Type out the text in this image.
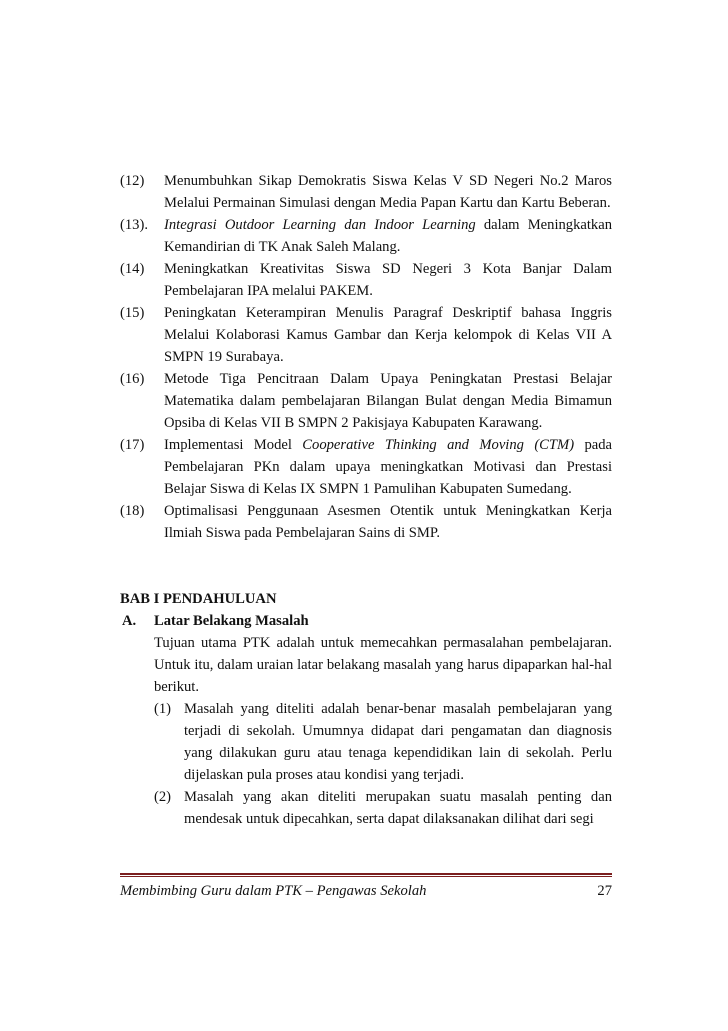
(12)	Menumbuhkan Sikap Demokratis Siswa Kelas V SD Negeri No.2 Maros Melalui Permainan Simulasi dengan Media Papan Kartu dan Kartu Beberan.
(13).	Integrasi Outdoor Learning dan Indoor Learning dalam Meningkatkan Kemandirian di TK Anak Saleh Malang.
(14)	Meningkatkan Kreativitas Siswa SD Negeri 3 Kota Banjar Dalam Pembelajaran IPA melalui PAKEM.
(15)	Peningkatan Keterampiran Menulis Paragraf Deskriptif bahasa Inggris Melalui Kolaborasi Kamus Gambar dan Kerja kelompok di Kelas VII A SMPN 19 Surabaya.
(16)	Metode Tiga Pencitraan Dalam Upaya Peningkatan Prestasi Belajar Matematika dalam pembelajaran Bilangan Bulat dengan Media Bimamun Opsiba di Kelas VII B SMPN 2 Pakisjaya Kabupaten Karawang.
(17)	Implementasi Model Cooperative Thinking and Moving (CTM) pada Pembelajaran PKn dalam upaya meningkatkan Motivasi dan Prestasi Belajar Siswa di Kelas IX SMPN 1 Pamulihan Kabupaten Sumedang.
(18)	Optimalisasi Penggunaan Asesmen Otentik untuk Meningkatkan Kerja Ilmiah Siswa pada Pembelajaran Sains di SMP.
BAB I PENDAHULUAN
A.	Latar Belakang Masalah
Tujuan utama PTK adalah untuk memecahkan permasalahan pembelajaran. Untuk itu, dalam uraian latar belakang masalah yang harus dipaparkan hal-hal berikut.
(1) Masalah yang diteliti adalah benar-benar masalah pembelajaran yang terjadi di sekolah. Umumnya didapat dari pengamatan dan diagnosis yang dilakukan guru atau tenaga kependidikan lain di sekolah. Perlu dijelaskan pula proses atau kondisi yang terjadi.
(2) Masalah yang akan diteliti merupakan suatu masalah penting dan mendesak untuk dipecahkan, serta dapat dilaksanakan dilihat dari segi
Membimbing Guru dalam PTK – Pengawas Sekolah	27
